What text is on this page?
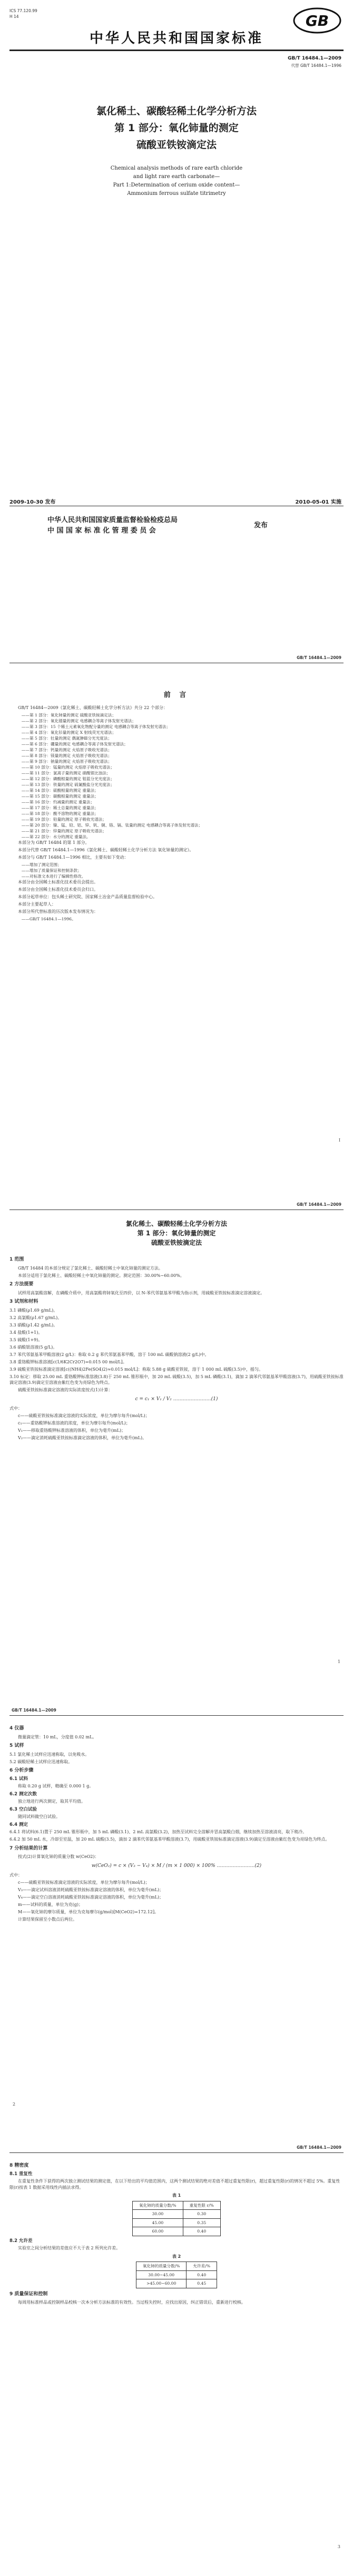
ICS 77.120.99
H 14	GB
中华人民共和国国家标准
GB/T 16484.1—2009
代替 GB/T 16484.1—1996
氯化稀土、碳酸轻稀土化学分析方法
第 1 部分：氧化铈量的测定
硫酸亚铁铵滴定法
Chemical analysis methods of rare earth chloride
and light rare earth carbonate—
Part 1:Determination of cerium oxide content—
Ammonium ferrous sulfate titrimetry
2009-10-30 发布	2010-05-01 实施
中华人民共和国国家质量监督检验检疫总局
中 国 国 家 标 准 化 管 理 委 员 会
发布
GB/T 16484.1—2009
前 言

GB/T 16484—2009《氯化稀土、碳酸轻稀土化学分析方法》共分 22 个部分：

——第 1 部分：氧化铈量的测定 硫酸亚铁铵滴定法；
——第 2 部分：氧化镨量的测定 电感耦合等离子体发射光谱法；
——第 3 部分：15 个稀土元素氧化物配分量的测定 电感耦合等离子体发射光谱法；
——第 4 部分：氧化钐量的测定 X 射线荧光光谱法；
——第 5 部分：钍量的测定 偶氮胂Ⅲ分光光度法；
——第 6 部分：硼量的测定 电感耦合等离子体发射光谱法；
——第 7 部分：钙量的测定 火焰原子吸收光谱法；
——第 8 部分：镁量的测定 火焰原子吸收光谱法；
——第 9 部分：钠量的测定 火焰原子吸收光谱法；
——第 10 部分：锰量的测定 火焰原子吸收光谱法；
——第 11 部分：氯离子量的测定 硝酸银比浊法；
——第 12 部分：磷酸根量的测定 钼蓝分光光度法；
——第 13 部分：铁量的测定 硫氰酸盐分光光度法；
——第 14 部分：硫酸根量的测定 重量法；
——第 15 部分：碳酸根量的测定 重量法；
——第 16 部分：灼减量的测定 重量法；
——第 17 部分：稀土总量的测定 重量法；
——第 18 部分：酸不溶物的测定 重量法；
——第 19 部分：铅量的测定 原子吸收光谱法；
——第 20 部分：镍、锰、铅、铝、锌、钒、铜、铬、镉、钛量的测定 电感耦合等离子体发射光谱法；
——第 21 部分：锌量的测定 原子吸收光谱法；
——第 22 部分：水分的测定 重量法。

本部分为 GB/T 16484 的第 1 部分。

本部分代替 GB/T 16484.1—1996《氯化稀土、碳酸轻稀土化学分析方法 氧化铈量的测定》。

本部分与 GB/T 16484.1—1996 相比，主要有如下变动：

——增加了测定范围；
——增加了质量保证和控制条款；
——对标准文本进行了编辑性修改。

本部分由全国稀土标准化技术委员会提出。

本部分由全国稀土标准化技术委员会归口。

本部分起草单位：包头稀土研究院、国家稀土冶金产品质量监督检验中心。

本部分主要起草人：

本部分所代替标准的历次版本发布情况为：

——GB/T 16484.1—1996。
I
GB/T 16484.1—2009
氯化稀土、碳酸轻稀土化学分析方法
第 1 部分：氧化铈量的测定
硫酸亚铁铵滴定法

1 范围

GB/T 16484 的本部分规定了氯化稀土、碳酸轻稀土中氧化铈量的测定方法。

本部分适用于氯化稀土、碳酸轻稀土中氧化铈量的测定。测定范围：30.00%~60.00%。

2 方法提要

试样用高氯酸溶解，在磷酸介质中，用高氯酸将铈氧化至四价，以 N-苯代邻氨基苯甲酸为指示剂，用硫酸亚铁铵标准滴定溶液滴定。

3 试剂和材料

3.1 磷酸(ρ1.69 g/mL)。

3.2 高氯酸(ρ1.67 g/mL)。

3.3 硝酸(ρ1.42 g/mL)。

3.4 盐酸(1+1)。

3.5 硫酸(1+9)。

3.6 硝酸银溶液(5 g/L)。

3.7 苯代邻氨基苯甲酸溶液(2 g/L)：称取 0.2 g 苯代邻氨基苯甲酸，溶于 100 mL 碳酸钠溶液(2 g/L)中。

3.8 重铬酸钾标准溶液[c(1/6K2Cr2O7)=0.015 00 mol/L]。

3.9 硫酸亚铁铵标准滴定溶液[c((NH4)2Fe(SO4)2)≈0.015 mol/L]：称取 5.88 g 硫酸亚铁铵，溶于 1 000 mL 硫酸(3.5)中，摇匀。

3.10 标定：移取 25.00 mL 重铬酸钾标准溶液(3.8)于 250 mL 锥形瓶中，加 20 mL 硫酸(3.5)，加 5 mL 磷酸(3.1)，滴加 2 滴苯代邻氨基苯甲酸溶液(3.7)，用硫酸亚铁铵标准滴定溶液(3.9)滴定至溶液由紫红色变为亮绿色为终点。

硫酸亚铁铵标准滴定溶液的实际浓度按式(1)计算：

c = c₁ × V₁ / V₂ ……………………(1)

式中：

c——硫酸亚铁铵标准滴定溶液的实际浓度，单位为摩尔每升(mol/L)；

c₁——重铬酸钾标准溶液的浓度，单位为摩尔每升(mol/L)；

V₁——移取重铬酸钾标准溶液的体积，单位为毫升(mL)；

V₂——滴定消耗硫酸亚铁铵标准滴定溶液的体积，单位为毫升(mL)。

1
GB/T 16484.1—2009

4 仪器

微量滴定管：10 mL，分度值 0.02 mL。

5 试样

5.1 氯化稀土试样应迅速称取，以免吸水。

5.2 碳酸轻稀土试样应迅速称取。

6 分析步骤

6.1 试料

称取 0.20 g 试样，精确至 0.000 1 g。

6.2 测定次数

独立地进行两次测定，取其平均值。

6.3 空白试验

随同试料做空白试验。

6.4 测定

6.4.1 将试料(6.1)置于 250 mL 锥形瓶中，加 5 mL 磷酸(3.1)、2 mL 高氯酸(3.2)，加热至试料完全溶解并冒高氯酸白烟，继续加热至溶液清亮，取下稍冷。

6.4.2 加 50 mL 水，冷却至室温，加 20 mL 硫酸(3.5)，滴加 2 滴苯代邻氨基苯甲酸溶液(3.7)，用硫酸亚铁铵标准滴定溶液(3.9)滴定至溶液由紫红色变为亮绿色为终点。

7 分析结果的计算

按式(2)计算氧化铈的质量分数 w(CeO2)：

w(CeO₂) = c × (V₃ − V₄) × M / (m × 1 000) × 100% ……………………(2)

式中：

c——硫酸亚铁铵标准滴定溶液的实际浓度，单位为摩尔每升(mol/L)；

V₃——滴定试料溶液消耗硫酸亚铁铵标准滴定溶液的体积，单位为毫升(mL)；

V₄——滴定空白溶液消耗硫酸亚铁铵标准滴定溶液的体积，单位为毫升(mL)；

m——试料的质量，单位为克(g)；

M——氧化铈的摩尔质量，单位为克每摩尔(g/mol)[M(CeO2)=172.12]。

计算结果保留至小数点后两位。

2
GB/T 16484.1—2009

8 精密度

8.1 重复性

在重复性条件下获得的两次独立测试结果的测定值，在以下给出的平均值范围内，这两个测试结果的绝对差值不超过重复性限(r)，超过重复性限(r)的情况不超过 5%。重复性限(r)按表 1 数据采用线性内插法求得。

表 1
氧化铈的质量分数/%	重复性限 r/%
30.00	0.30
45.00	0.35
60.00	0.40

8.2 允许差

实验室之间分析结果的差值应不大于表 2 所列允许差。

表 2
氧化铈的质量分数/%	允许差/%
30.00~45.00	0.40
>45.00~60.00	0.45

9 质量保证和控制

每周用标准样品或控制样品校核一次本分析方法标准的有效性。当过程失控时，应找出原因，纠正错误后，重新进行校核。

3
